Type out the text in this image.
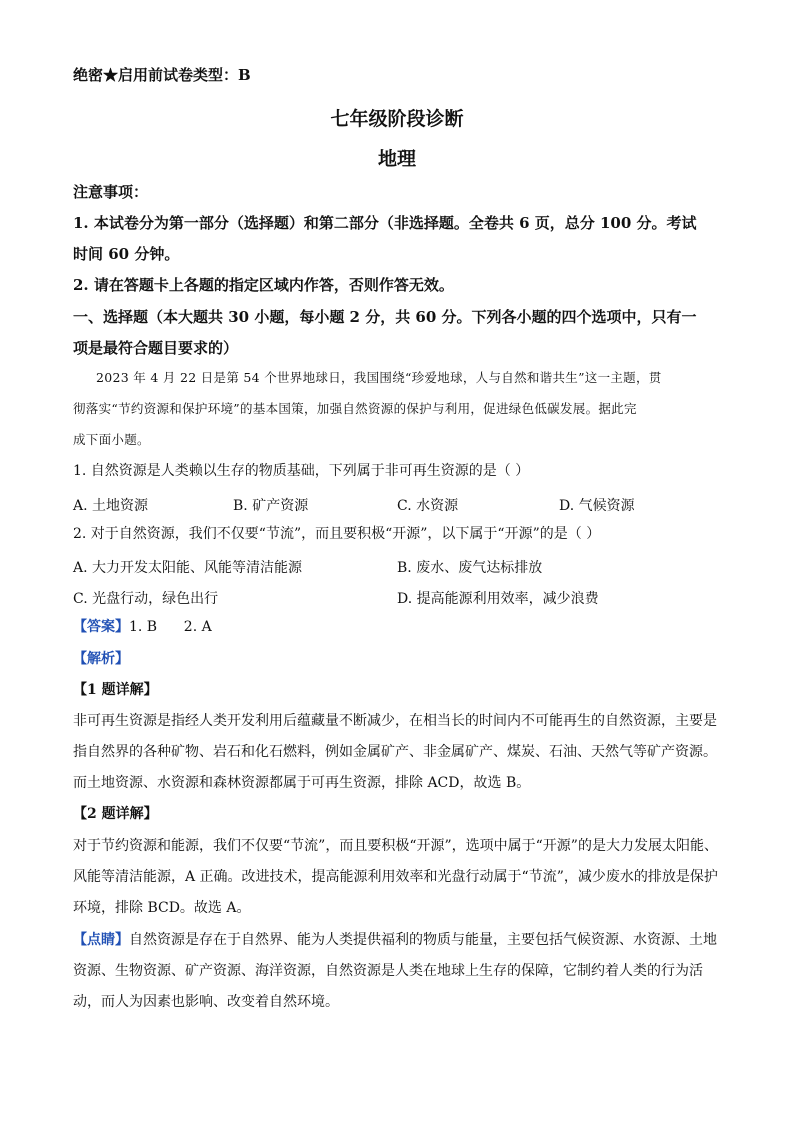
绝密★启用前试卷类型：B
七年级阶段诊断
地理
注意事项：
1. 本试卷分为第一部分（选择题）和第二部分（非选择题。全卷共 6 页，总分 100 分。考试
时间 60 分钟。
2. 请在答题卡上各题的指定区域内作答，否则作答无效。
一、选择题（本大题共 30 小题，每小题 2 分，共 60 分。下列各小题的四个选项中，只有一
项是最符合题目要求的）
2023 年 4 月 22 日是第 54 个世界地球日，我国围绕“珍爱地球，人与自然和谐共生”这一主题，贯
彻落实“节约资源和保护环境”的基本国策，加强自然资源的保护与利用，促进绿色低碳发展。据此完
成下面小题。
1. 自然资源是人类赖以生存的物质基础，下列属于非可再生资源的是（ ）
A. 土地资源	B. 矿产资源	C. 水资源	D. 气候资源
2. 对于自然资源，我们不仅要“节流”，而且要积极“开源”，以下属于“开源”的是（ ）
A. 大力开发太阳能、风能等清洁能源	B. 废水、废气达标排放
C. 光盘行动，绿色出行	D. 提高能源利用效率，减少浪费
【答案】1. B      2. A
【解析】
【1 题详解】
非可再生资源是指经人类开发利用后蕴藏量不断减少，在相当长的时间内不可能再生的自然资源，主要是
指自然界的各种矿物、岩石和化石燃料，例如金属矿产、非金属矿产、煤炭、石油、天然气等矿产资源。
而土地资源、水资源和森林资源都属于可再生资源，排除 ACD，故选 B。
【2 题详解】
对于节约资源和能源，我们不仅要“节流”，而且要积极“开源”，选项中属于“开源”的是大力发展太阳能、
风能等清洁能源，A 正确。改进技术，提高能源利用效率和光盘行动属于“节流”，减少废水的排放是保护
环境，排除 BCD。故选 A。
【点睛】自然资源是存在于自然界、能为人类提供福利的物质与能量，主要包括气候资源、水资源、土地
资源、生物资源、矿产资源、海洋资源，自然资源是人类在地球上生存的保障，它制约着人类的行为活
动，而人为因素也影响、改变着自然环境。
